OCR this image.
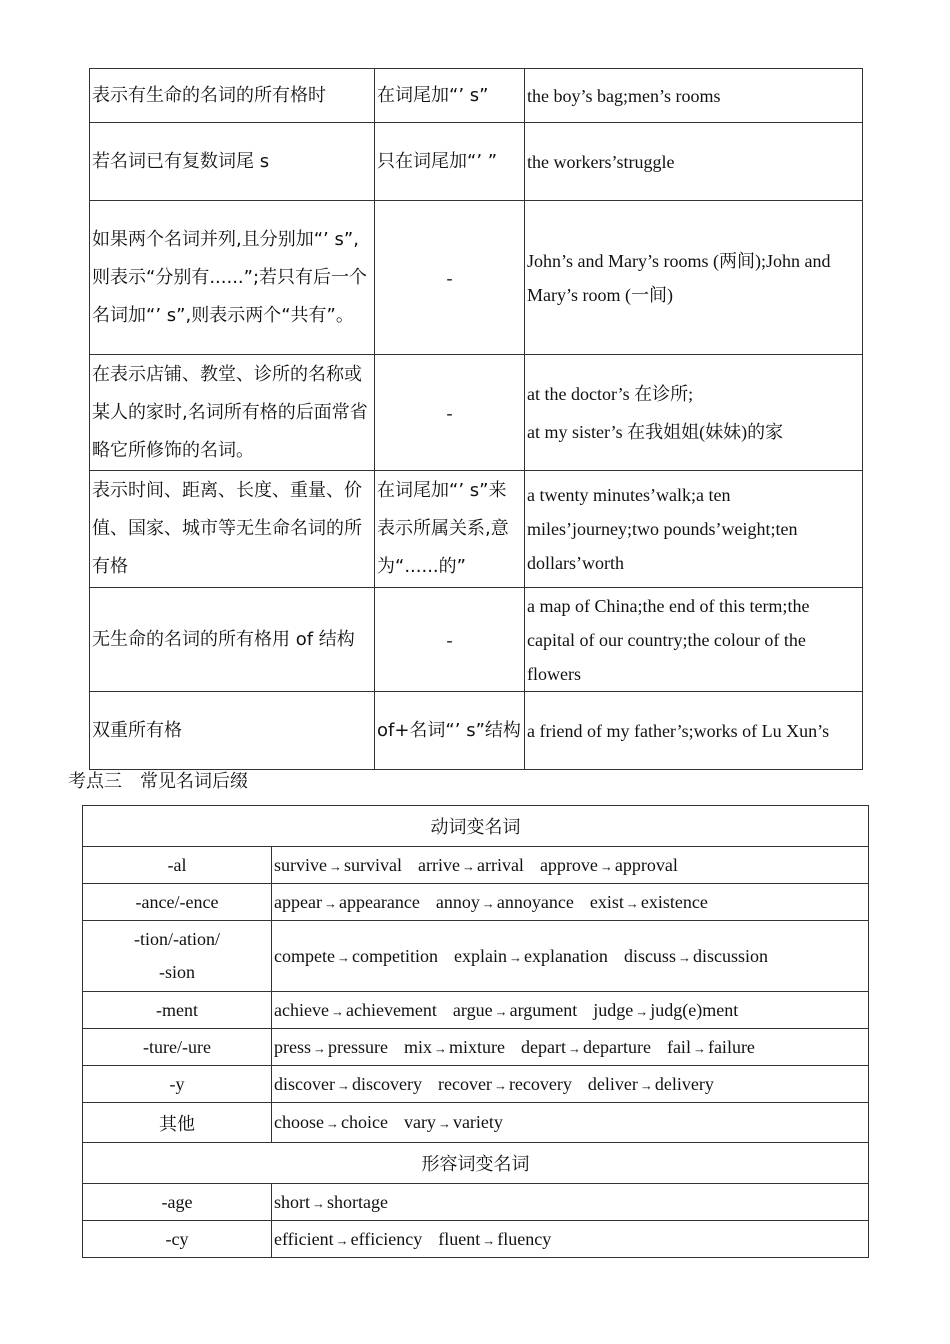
表示有生命的名词的所有格时	在词尾加“’ s”	the boy’s bag;men’s rooms
若名词已有复数词尾 s	只在词尾加“’ ”	the workers’struggle
如果两个名词并列,且分别加“’ s”,则表示“分别有......”;若只有后一个名词加“’ s”,则表示两个“共有”。	-	John’s and Mary’s rooms (两间);John and
Mary’s room (一间)

在表示店铺、教堂、诊所的名称或某人的家时,名词所有格的后面常省略它所修饰的名词。	-	at the doctor’s 在诊所;
at my sister’s 在我姐姐(妹妹)的家

表示时间、距离、长度、重量、价值、国家、城市等无生命名词的所有格	在词尾加“’ s”来表示所属关系,意为“......的”	a twenty minutes’walk;a ten miles’journey;two pounds’weight;ten dollars’worth
无生命的名词的所有格用 of 结构	-	a map of China;the end of this term;the capital of our country;the colour of the flowers
双重所有格	of+名词“’ s”结构	a friend of my father’s;works of Lu Xun’s
考点三　常见名词后缀
动词变名词	
-al	survive → survival arrive → arrival approve → approval
-ance/-ence	appear → appearance annoy → annoyance exist → existence

-tion/-ation/
-sion	compete → competition explain → explanation discuss → discussion
-ment	achieve → achievement argue → argument judge → judg(e)ment
-ture/-ure	press → pressure mix → mixture depart → departure fail → failure
-y	discover → discovery recover → recovery deliver → delivery
其他	choose → choice vary → variety
形容词变名词	
-age	short → shortage
-cy	efficient → efficiency fluent → fluency
